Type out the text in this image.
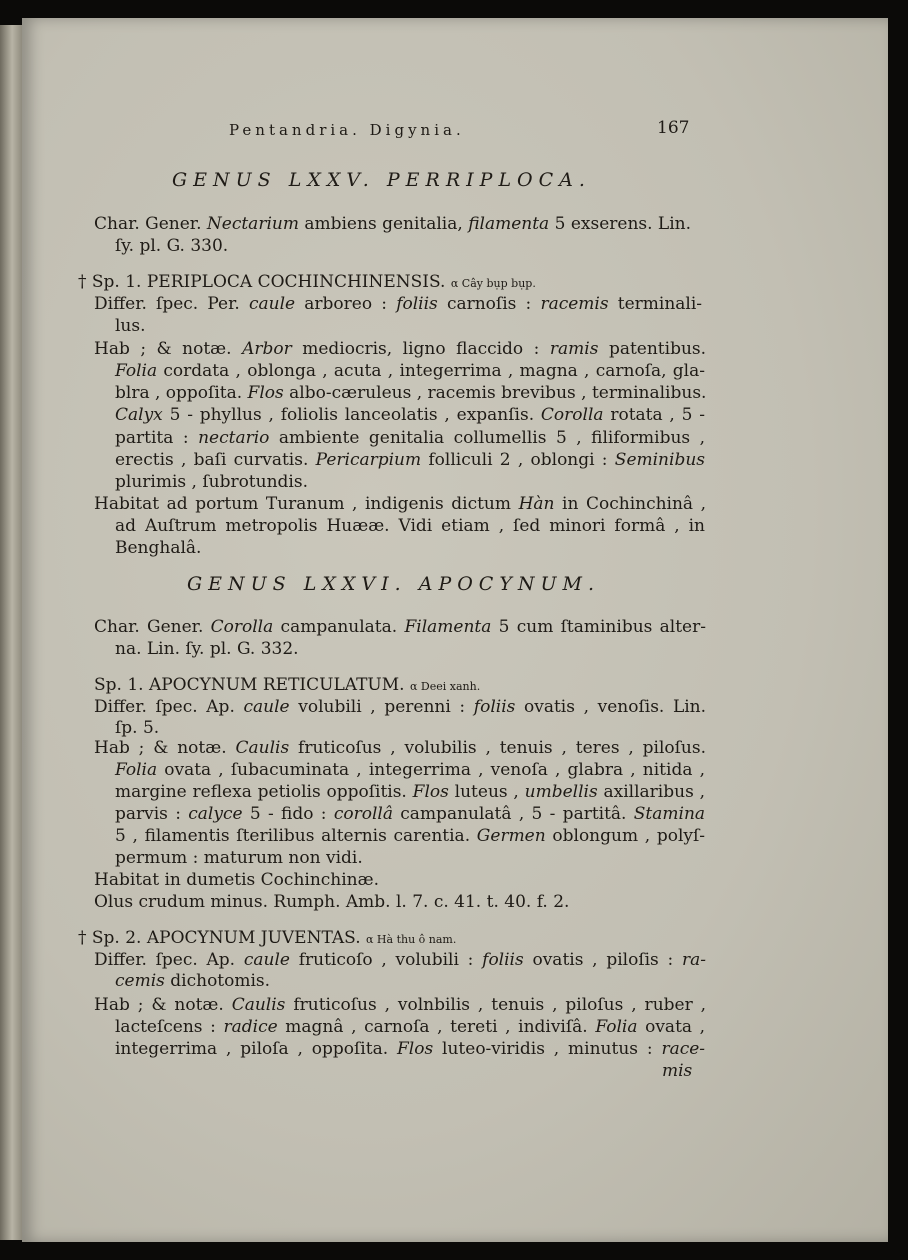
Pentandria. Digynia.	167
GENUS LXXV. PERRIPLOCA.
Char. Gener. Nectarium ambiens genitalia, filamenta 5 exserens. Lin.
ſy. pl. G. 330.
† Sp. 1. PERIPLOCA COCHINCHINENSIS. α Cây bụp bụp.
Differ. ſpec. Per. caule arboreo : foliis carnoſis : racemis terminali-
lus.
Hab ; & notæ. Arbor mediocris, ligno flaccido : ramis patentibus.
Folia cordata , oblonga , acuta , integerrima , magna , carnoſa, gla-
blra , oppoſita. Flos albo-cæruleus , racemis brevibus , terminalibus.
Calyx 5 - phyllus , foliolis lanceolatis , expanſis. Corolla rotata , 5 -
partita : nectario ambiente genitalia collumellis 5 , filiformibus ,
erectis , baſi curvatis. Pericarpium folliculi 2 , oblongi : Seminibus
plurimis , ſubrotundis.
Habitat ad portum Turanum , indigenis dictum Hàn in Cochinchinâ ,
ad Auſtrum metropolis Huææ. Vidi etiam , ſed minori formâ , in
Benghalâ.
GENUS LXXVI. APOCYNUM.
Char. Gener. Corolla campanulata. Filamenta 5 cum ſtaminibus alter-
na. Lin. ſy. pl. G. 332.
Sp. 1. APOCYNUM RETICULATUM. α Deei xanh.
Differ. ſpec. Ap. caule volubili , perenni : foliis ovatis , venoſis. Lin.
ſp. 5.
Hab ; & notæ. Caulis fruticoſus , volubilis , tenuis , teres , piloſus.
Folia ovata , ſubacuminata , integerrima , venoſa , glabra , nitida ,
margine reflexa petiolis oppoſitis. Flos luteus , umbellis axillaribus ,
parvis : calyce 5 - fido : corollâ campanulatâ , 5 - partitâ. Stamina
5 , filamentis ſterilibus alternis carentia. Germen oblongum , polyſ-
permum : maturum non vidi.
Habitat in dumetis Cochinchinæ.
Olus crudum minus. Rumph. Amb. l. 7. c. 41. t. 40. f. 2.
† Sp. 2. APOCYNUM JUVENTAS. α Hà thu ô nam.
Differ. ſpec. Ap. caule fruticoſo , volubili : foliis ovatis , piloſis : ra-
cemis dichotomis.
Hab ; & notæ. Caulis fruticoſus , volnbilis , tenuis , piloſus , ruber ,
lacteſcens : radice magnâ , carnoſa , tereti , indiviſâ. Folia ovata ,
integerrima , piloſa , oppoſita. Flos luteo-viridis , minutus : race-
mis
